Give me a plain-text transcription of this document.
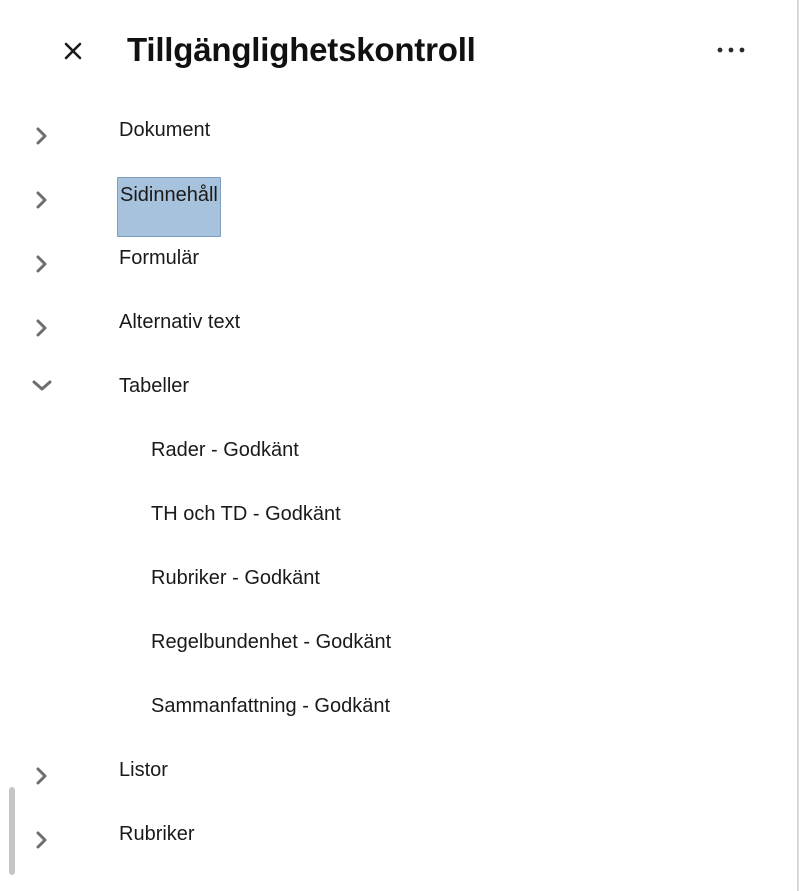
Tillgänglighetskontroll
Dokument
Sidinnehåll
Formulär
Alternativ text
Tabeller
Rader - Godkänt
TH och TD - Godkänt
Rubriker - Godkänt
Regelbundenhet - Godkänt
Sammanfattning - Godkänt
Listor
Rubriker
